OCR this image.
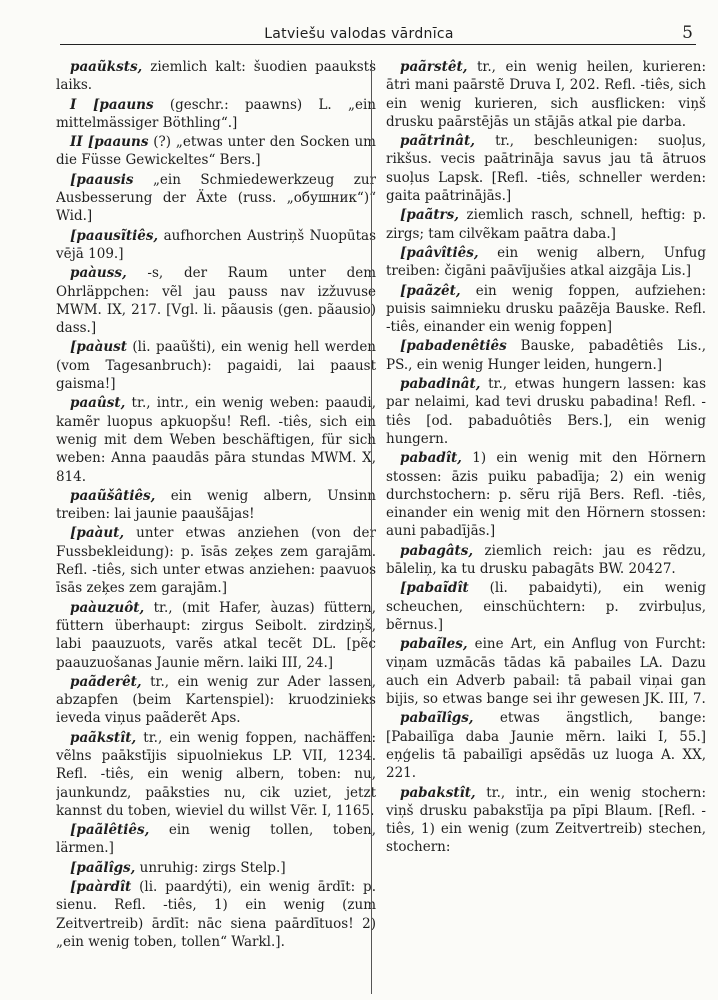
Latviešu valodas vārdnīca	5

paaũksts, ziemlich kalt: šuodien paauksts laiks.

I [paauns (geschr.: paawns) L. „ein mittelmässiger Böthling“.]

II [paauns (?) „etwas unter den Socken um die Füsse Gewickeltes“ Bers.]

[paausis „ein Schmiedewerkzeug zur Ausbesserung der Äxte (russ. „обушник“)“ Wid.]

[paausĩtiês, aufhorchen Austriņš Nuopūtas vējā 109.]

paàuss, -s, der Raum unter dem Ohrläppchen: vẽl jau pauss nav izžuvuse MWM. IX, 217. [Vgl. li. pãausis (gen. pãausio) dass.]

[paàust (li. paaũšti), ein wenig hell werden (vom Tagesanbruch): pagaidi, lai paaust gaisma!]

paaûst, tr., intr., ein wenig weben: paaudi, kamẽr luopus apkuopšu! Refl. -tiês, sich ein wenig mit dem Weben beschäftigen, für sich weben: Anna paaudās pāra stundas MWM. X, 814.

paaũšâtiês, ein wenig albern, Unsinn treiben: lai jaunie paaušājas!

[paàut, unter etwas anziehen (von der Fussbekleidung): p. īsās zeķes zem garajām. Refl. -tiês, sich unter etwas anziehen: paavuos īsās zeķes zem garajām.]

paàuzuôt, tr., (mit Hafer, àuzas) füttern, füttern überhaupt: zirgus Seibolt. zirdziņš, labi paauzuots, varẽs atkal tecẽt DL. [pẽc paauzuošanas Jaunie mẽrn. laiki III, 24.]

paãderêt, tr., ein wenig zur Ader lassen, abzapfen (beim Kartenspiel): kruodzinieks ieveda viņus paãderẽt Aps.

paãkstît, tr., ein wenig foppen, nachäffen: vẽlns paākstījis sipuolniekus LP. VII, 1234. Refl. -tiês, ein wenig albern, toben: nu, jaunkundz, paāksties nu, cik uziet, jetzt kannst du toben, wieviel du willst Vẽr. I, 1165.

[paãlêtiês, ein wenig tollen, toben, lärmen.]

[paãlîgs, unruhig: zirgs Stelp.]

[paàrdît (li. paardýti), ein wenig ārdīt: p. sienu. Refl. -tiês, 1) ein wenig (zum Zeitvertreib) ārdīt: nāc siena paārdītuos! 2) „ein wenig toben, tollen“ Warkl.].

paãrstêt, tr., ein wenig heilen, kurieren: ātri mani paārstẽ Druva I, 202. Refl. -tiês, sich ein wenig kurieren, sich ausflicken: viņš drusku paārstējās un stājās atkal pie darba.

paãtrinât, tr., beschleunigen: suoļus, rikšus. vecis paātrināja savus jau tā ātruos suoļus Lapsk. [Refl. -tiês, schneller werden: gaita paātrinājās.]

[paãtrs, ziemlich rasch, schnell, heftig: p. zirgs; tam cilvẽkam paātra daba.]

[paâvîtiês, ein wenig albern, Unfug treiben: čigāni paāvījušies atkal aizgāja Lis.]

[paãzêt, ein wenig foppen, aufziehen: puisis saimnieku drusku paāzẽja Bauske. Refl. -tiês, einander ein wenig foppen]

[pabadenêtiês Bauske, pabadêtiês Lis., PS., ein wenig Hunger leiden, hungern.]

pabadinât, tr., etwas hungern lassen: kas par nelaimi, kad tevi drusku pabadina! Refl. -tiês [od. pabaduôtiês Bers.], ein wenig hungern.

pabadît, 1) ein wenig mit den Hörnern stossen: āzis puiku pabadīja; 2) ein wenig durchstochern: p. sẽru rijā Bers. Refl. -tiês, einander ein wenig mit den Hörnern stossen: auni pabadījās.]

pabagâts, ziemlich reich: jau es rẽdzu, bāleliņ, ka tu drusku pabagāts BW. 20427.

[pabaĩdît (li. pabaidyti), ein wenig scheuchen, einschüchtern: p. zvirbuļus, bẽrnus.]

pabaĩles, eine Art, ein Anflug von Furcht: viņam uzmācās tādas kā pabailes LA. Dazu auch ein Adverb pabail: tā pabail viņai gan bijis, so etwas bange sei ihr gewesen JK. III, 7.

pabaĩlîgs, etwas ängstlich, bange: [Pabailīga daba Jaunie mẽrn. laiki I, 55.] eņģelis tā pabailīgi apsẽdās uz luoga A. XX, 221.

pabakstît, tr., intr., ein wenig stochern: viņš drusku pabakstīja pa pīpi Blaum. [Refl. -tiês, 1) ein wenig (zum Zeitvertreib) stechen, stochern:
